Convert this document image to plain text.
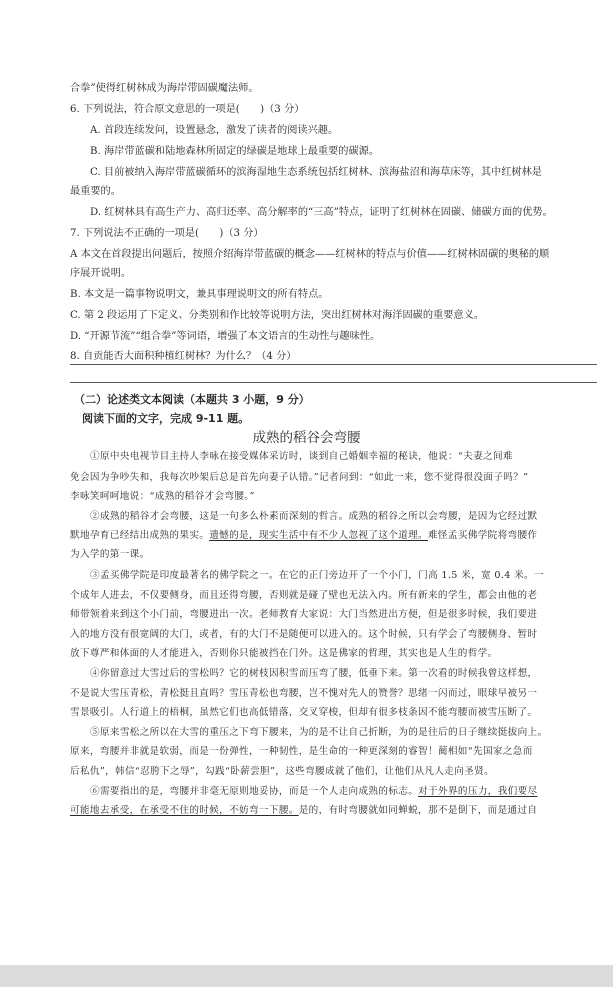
合拳”使得红树林成为海岸带固碳魔法师。
6. 下列说法，符合原文意思的一项是(　　)（3 分）
A. 首段连续发问，设置悬念，激发了读者的阅读兴趣。
B. 海岸带蓝碳和陆地森林所固定的绿碳是地球上最重要的碳源。
C. 目前被纳入海岸带蓝碳循环的滨海湿地生态系统包括红树林、滨海盐沼和海草床等，其中红树林是
最重要的。
D. 红树林具有高生产力、高归还率、高分解率的“三高”特点，证明了红树林在固碳、储碳方面的优势。
7. 下列说法不正确的一项是(　　)（3 分）
A 本文在首段提出问题后，按照介绍海岸带蓝碳的概念——红树林的特点与价值——红树林固碳的奥秘的顺
序展开说明。
B. 本文是一篇事物说明文，兼具事理说明文的所有特点。
C. 第 2 段运用了下定义、分类别和作比较等说明方法，突出红树林对海洋固碳的重要意义。
D. “开源节流”“组合拳”等词语，增强了本文语言的生动性与趣味性。
8. 自贡能否大面积种植红树林？为什么？（4 分）
（二）论述类文本阅读（本题共 3 小题，9 分）
阅读下面的文字，完成 9-11 题。
成熟的稻谷会弯腰
①原中央电视节目主持人李咏在接受媒体采访时，谈到自己婚姻幸福的秘诀，他说：“夫妻之间难
免会因为争吵失和，我每次吵架后总是首先向妻子认错。”记者问到：“如此一来，您不觉得很没面子吗？”
李咏笑呵呵地说：“成熟的稻谷才会弯腰。”
②成熟的稻谷才会弯腰，这是一句多么朴素而深刻的哲言。成熟的稻谷之所以会弯腰，是因为它经过默
默地孕育已经结出成熟的果实。遗憾的是，现实生活中有不少人忽视了这个道理。难怪孟买佛学院将弯腰作
为入学的第一课。
③孟买佛学院是印度最著名的佛学院之一。在它的正门旁边开了一个小门，门高 1.5 米，宽 0.4 米。一
个成年人进去，不仅要侧身，而且还得弯腰，否则就是碰了壁也无法入内。所有新来的学生，都会由他的老
师带领着来到这个小门前，弯腰进出一次。老师教育大家说：大门当然进出方便，但是很多时候，我们要进
入的地方没有很宽阔的大门，或者，有的大门不是随便可以进入的。这个时候，只有学会了弯腰侧身、暂时
放下尊严和体面的人才能进入，否则你只能被挡在门外。这是佛家的哲理，其实也是人生的哲学。
④你留意过大雪过后的雪松吗？它的树枝因积雪而压弯了腰，低垂下来。第一次看的时候我曾这样想，
不是说大雪压青松，青松挺且直吗？雪压青松也弯腰，岂不愧对先人的赞誉？思绪一闪而过，眼球早被另一
雪景吸引。人行道上的梧桐，虽然它们也高低错落，交叉穿梭，但却有很多枝条因不能弯腰而被雪压断了。
⑤原来雪松之所以在大雪的重压之下弯下腰来，为的是不让自己折断，为的是往后的日子继续挺拔向上。
原来，弯腰并非就是软弱，而是一份弹性，一种韧性，是生命的一种更深刻的睿智！蔺相如“先国家之急而
后私仇”，韩信“忍胯下之辱”，勾践“卧薪尝胆”，这些弯腰成就了他们，让他们从凡人走向圣贤。
⑥需要指出的是，弯腰并非毫无原则地妥协，而是一个人走向成熟的标志。对于外界的压力，我们要尽
可能地去承受，在承受不住的时候，不妨弯一下腰。是的，有时弯腰就如同蝉蜕，那不是倒下，而是通过自
